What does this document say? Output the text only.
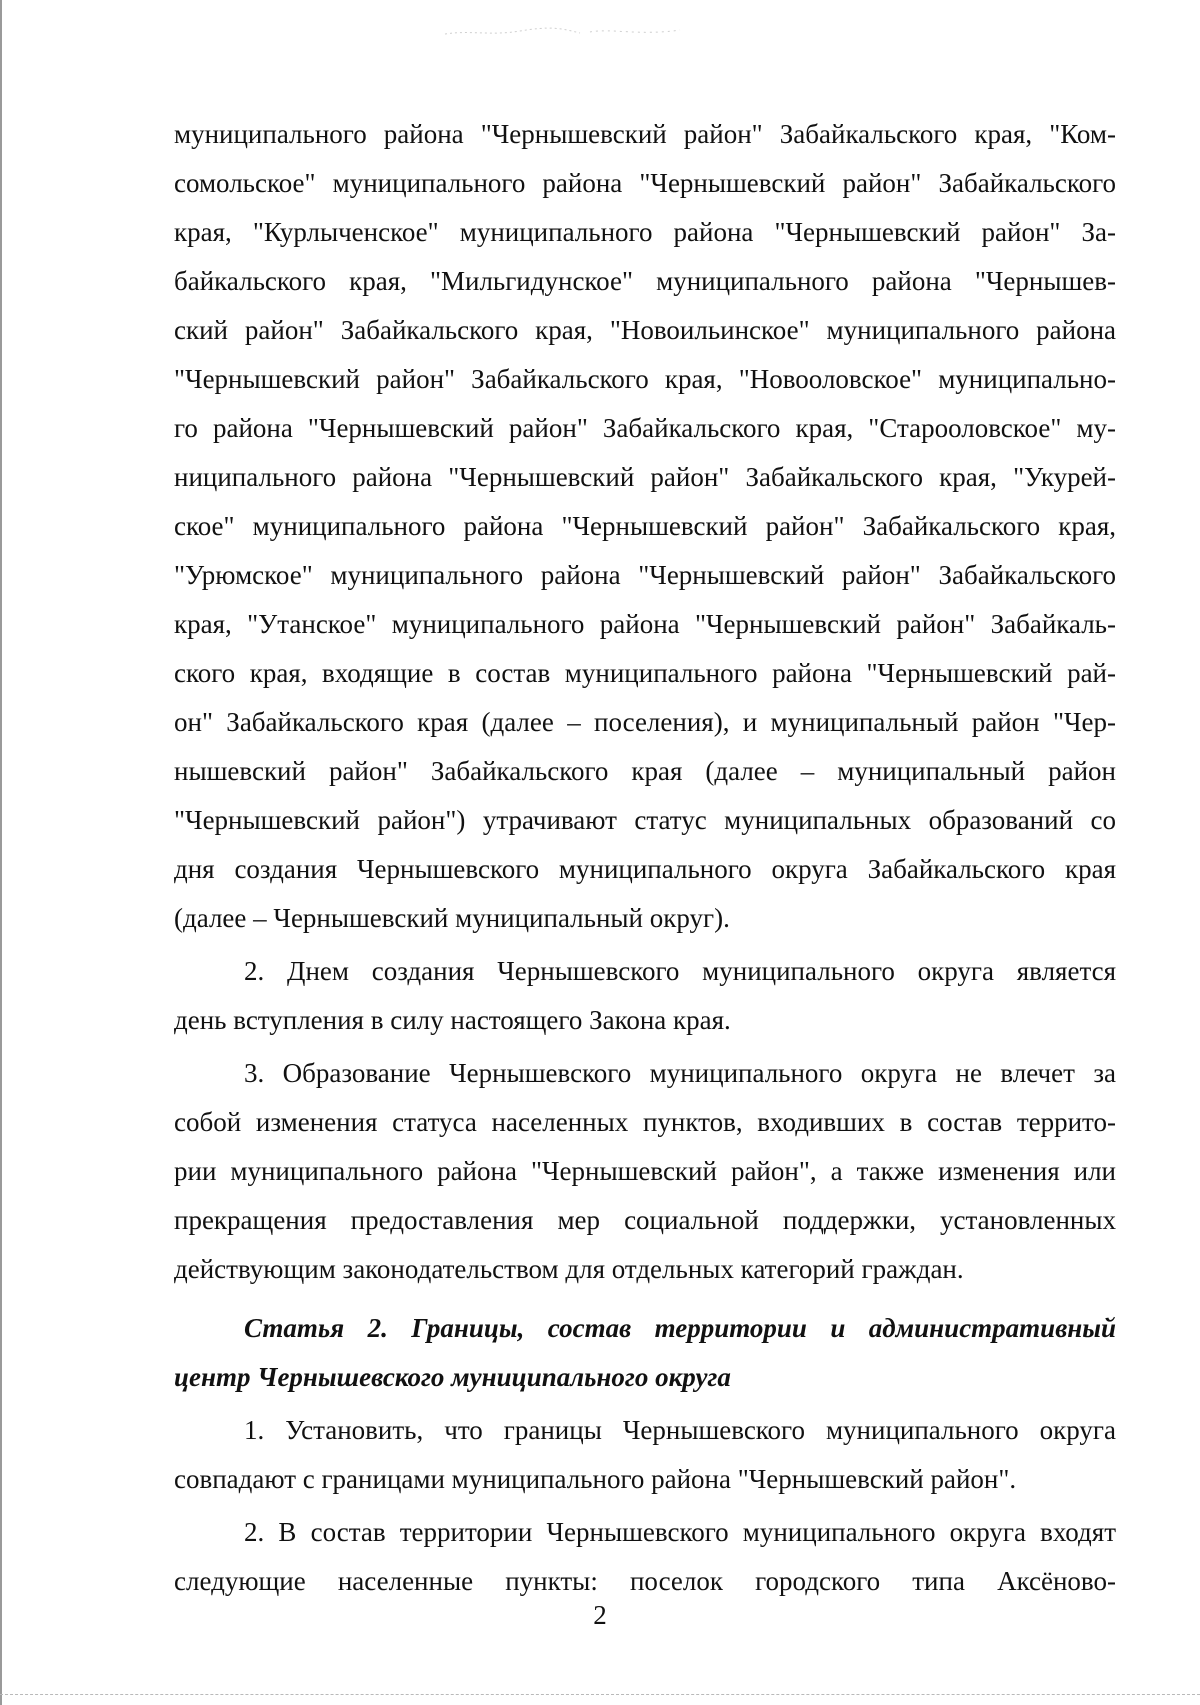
муниципального района "Чернышевский район" Забайкальского края, "Ком-
сомольское" муниципального района "Чернышевский район" Забайкальского
края, "Курлыченское" муниципального района "Чернышевский район" За-
байкальского края, "Мильгидунское" муниципального района "Чернышев-
ский район" Забайкальского края, "Новоильинское" муниципального района
"Чернышевский район" Забайкальского края, "Новооловское" муниципально-
го района "Чернышевский район" Забайкальского края, "Старооловское" му-
ниципального района "Чернышевский район" Забайкальского края, "Укурей-
ское" муниципального района "Чернышевский район" Забайкальского края,
"Урюмское" муниципального района "Чернышевский район" Забайкальского
края, "Утанское" муниципального района "Чернышевский район" Забайкаль-
ского края, входящие в состав муниципального района "Чернышевский рай-
он" Забайкальского края (далее – поселения), и муниципальный район "Чер-
нышевский район" Забайкальского края (далее – муниципальный район
"Чернышевский район") утрачивают статус муниципальных образований со
дня создания Чернышевского муниципального округа Забайкальского края
(далее – Чернышевский муниципальный округ).
2. Днем создания Чернышевского муниципального округа является
день вступления в силу настоящего Закона края.
3. Образование Чернышевского муниципального округа не влечет за
собой изменения статуса населенных пунктов, входивших в состав террито-
рии муниципального района "Чернышевский район", а также изменения или
прекращения предоставления мер социальной поддержки, установленных
действующим законодательством для отдельных категорий граждан.
Статья 2. Границы, состав территории и административный
центр Чернышевского муниципального округа
1. Установить, что границы Чернышевского муниципального округа
совпадают с границами муниципального района "Чернышевский район".
2. В состав территории Чернышевского муниципального округа входят
следующие населенные пункты: поселок городского типа Аксёново-
2
